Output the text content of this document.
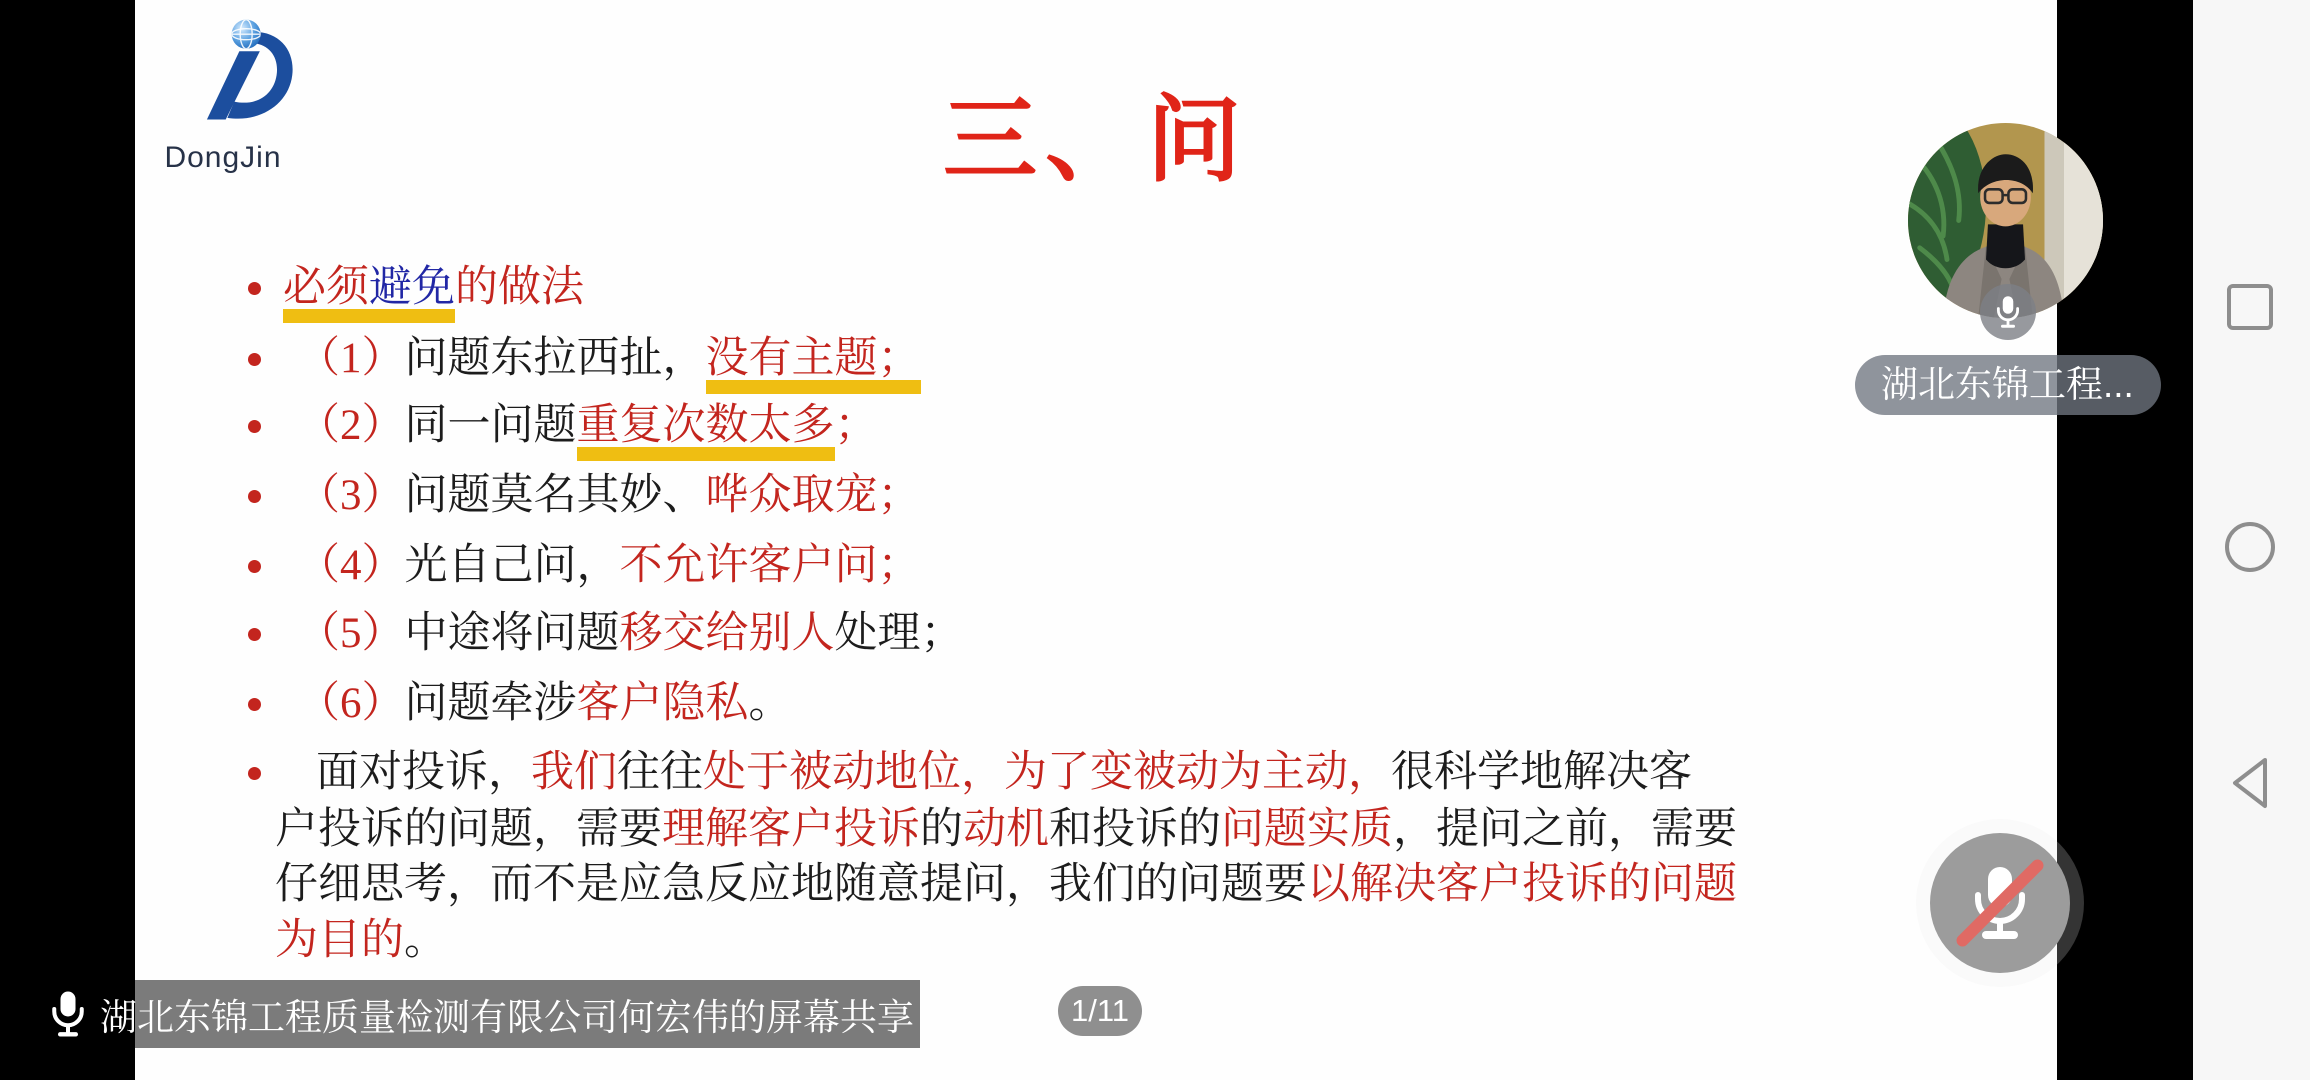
DongJin	三、问
必须避免的做法
（1）问题东拉西扯，没有主题；
（2）同一问题重复次数太多；
（3）问题莫名其妙、哗众取宠；
（4）光自己问，不允许客户问；
（5）中途将问题移交给别人处理；
（6）问题牵涉客户隐私。
面对投诉，我们往往处于被动地位，为了变被动为主动，很科学地解决客
户投诉的问题，需要理解客户投诉的动机和投诉的问题实质，提问之前，需要
仔细思考，而不是应急反应地随意提问，我们的问题要以解决客户投诉的问题
为目的。
湖北东锦工程...
湖北东锦工程质量检测有限公司何宏伟的屏幕共享	1/11
